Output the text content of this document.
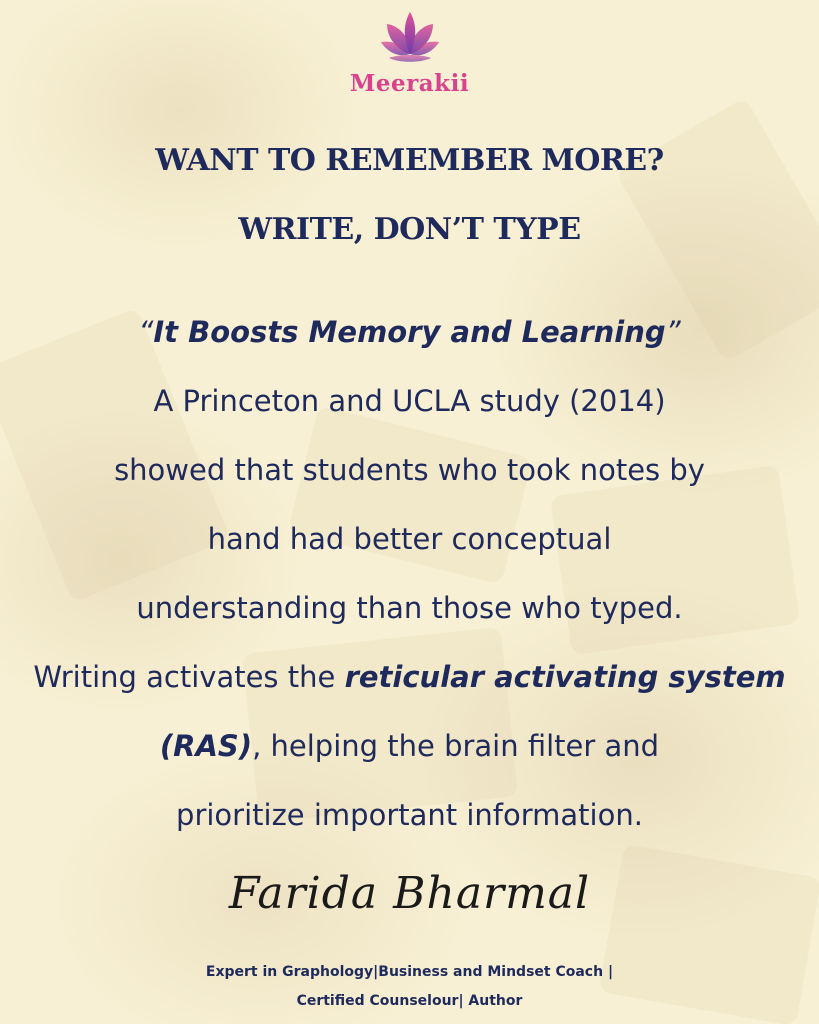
Meerakii
WANT TO REMEMBER MORE?
WRITE, DON’T TYPE
“It Boosts Memory and Learning”
A Princeton and UCLA study (2014)
showed that students who took notes by
hand had better conceptual
understanding than those who typed.
Writing activates the reticular activating system (RAS), helping the brain filter and
prioritize important information.
Farida Bharmal
Expert in Graphology|Business and Mindset Coach |
Certified Counselour| Author
